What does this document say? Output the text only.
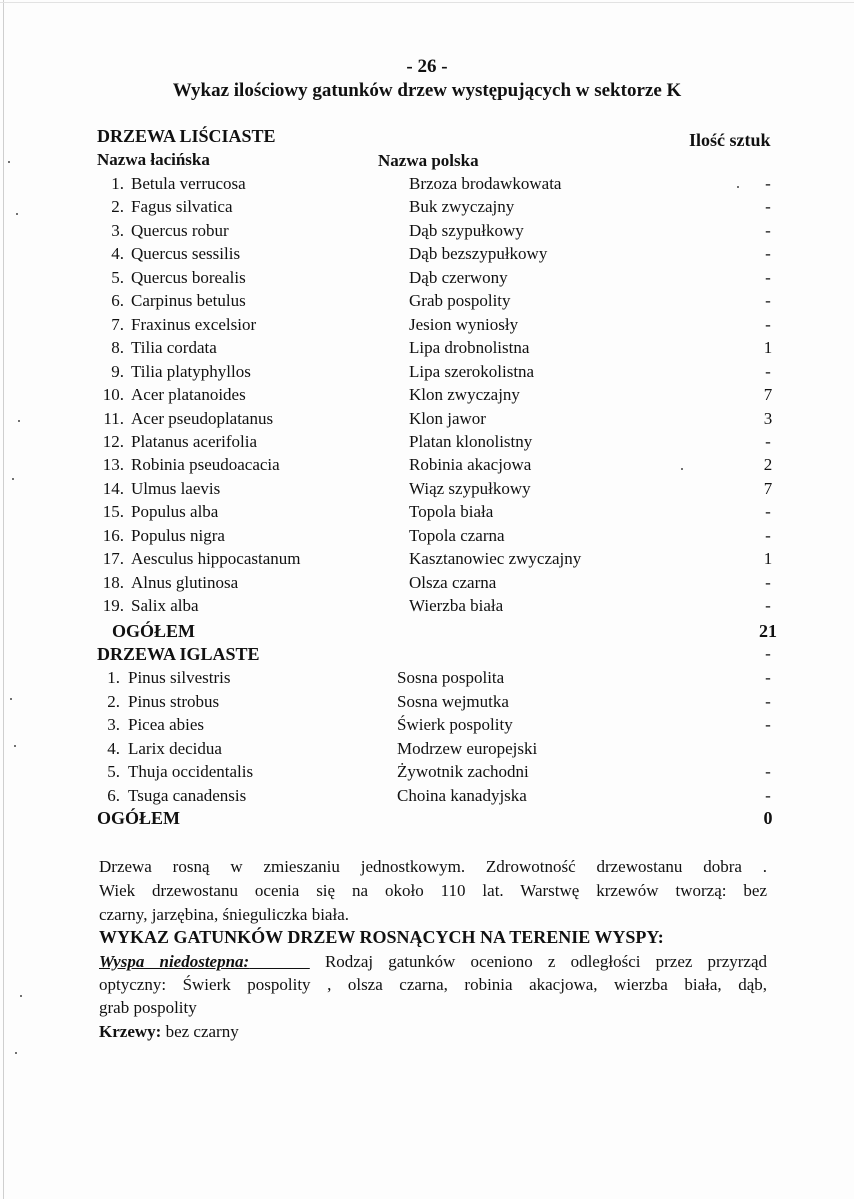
- 26 -
Wykaz ilościowy gatunków drzew występujących w sektorze K
DRZEWA LIŚCIASTE	Ilość sztuk
Nazwa łacińska	Nazwa polska
1. Betula verrucosa	Brzoza brodawkowata	-
2. Fagus silvatica	Buk zwyczajny	-
3. Quercus robur	Dąb szypułkowy	-
4. Quercus sessilis	Dąb bezszypułkowy	-
5. Quercus borealis	Dąb czerwony	-
6. Carpinus betulus	Grab pospolity	-
7. Fraxinus excelsior	Jesion wyniosły	-
8. Tilia cordata	Lipa drobnolistna	1
9. Tilia platyphyllos	Lipa szerokolistna	-
10. Acer platanoides	Klon zwyczajny	7
11. Acer pseudoplatanus	Klon jawor	3
12. Platanus acerifolia	Platan klonolistny	-
13. Robinia pseudoacacia	Robinia akacjowa	2
14. Ulmus laevis	Wiąz szypułkowy	7
15. Populus alba	Topola biała	-
16. Populus nigra	Topola czarna	-
17. Aesculus hippocastanum	Kasztanowiec zwyczajny	1
18. Alnus glutinosa	Olsza czarna	-
19. Salix alba	Wierzba biała	-
OGÓŁEM	21
DRZEWA IGLASTE	-
1. Pinus silvestris	Sosna pospolita	-
2. Pinus strobus	Sosna wejmutka	-
3. Picea abies	Świerk pospolity	-
4. Larix decidua	Modrzew europejski
5. Thuja occidentalis	Żywotnik zachodni	-
6. Tsuga canadensis	Choina kanadyjska	-
OGÓŁEM	0
Drzewa rosną w zmieszaniu jednostkowym. Zdrowotność drzewostanu dobra .
Wiek drzewostanu ocenia się na około 110 lat. Warstwę krzewów tworzą: bez
czarny, jarzębina, śnieguliczka biała.
WYKAZ GATUNKÓW DRZEW ROSNĄCYCH NA TERENIE WYSPY:
Wyspa niedostepna:	Rodzaj gatunków oceniono z odległości przez przyrząd
optyczny: Świerk pospolity , olsza czarna, robinia akacjowa, wierzba biała, dąb,
grab pospolity
Krzewy: bez czarny
